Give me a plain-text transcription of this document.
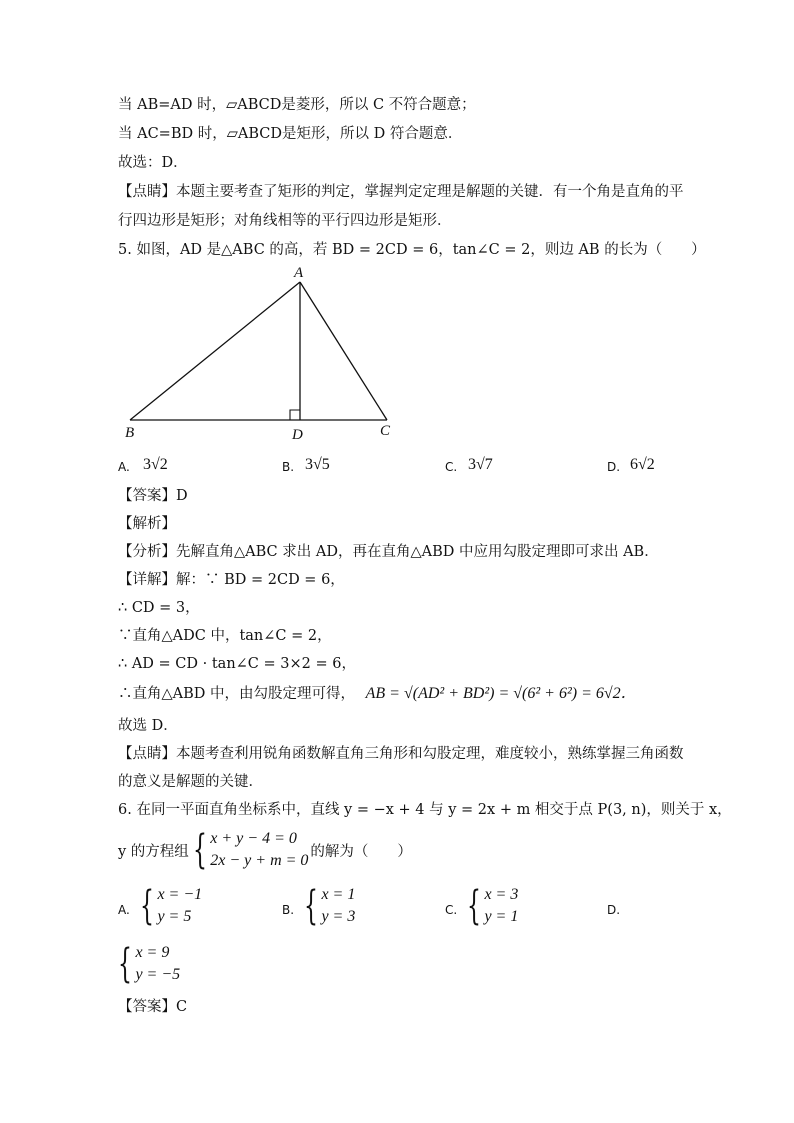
当 AB=AD 时，▱ABCD是菱形，所以 C 不符合题意；
当 AC=BD 时，▱ABCD是矩形，所以 D 符合题意．
故选：D．
【点睛】本题主要考查了矩形的判定，掌握判定定理是解题的关键．有一个角是直角的平
行四边形是矩形；对角线相等的平行四边形是矩形．
5. 如图，AD 是△ABC 的高，若 BD = 2CD = 6，tan∠C = 2，则边 AB 的长为（　　）
A
B	C
D
A. 3√2	B. 3√5	C. 3√7	D. 6√2
【答案】D
【解析】
【分析】先解直角△ABC 求出 AD，再在直角△ABD 中应用勾股定理即可求出 AB．
【详解】解：∵ BD = 2CD = 6，
∴ CD = 3，
∵直角△ADC 中，tan∠C = 2，
∴ AD = CD · tan∠C = 3×2 = 6，
∴直角△ABD 中，由勾股定理可得， AB = √(AD² + BD²) = √(6² + 6²) = 6√2．
故选 D．
【点睛】本题考查利用锐角函数解直角三角形和勾股定理，难度较小，熟练掌握三角函数
的意义是解题的关键．
6. 在同一平面直角坐标系中，直线 y = −x + 4 与 y = 2x + m 相交于点 P(3, n)，则关于 x，
y 的方程组 { x + y − 4 = 0
2x − y + m = 0
的解为（　　）
A. { x = −1
y = 5	B. { x = 1
y = 3	C. { x = 3
y = 1	D.
{ x = 9
y = −5
【答案】C
